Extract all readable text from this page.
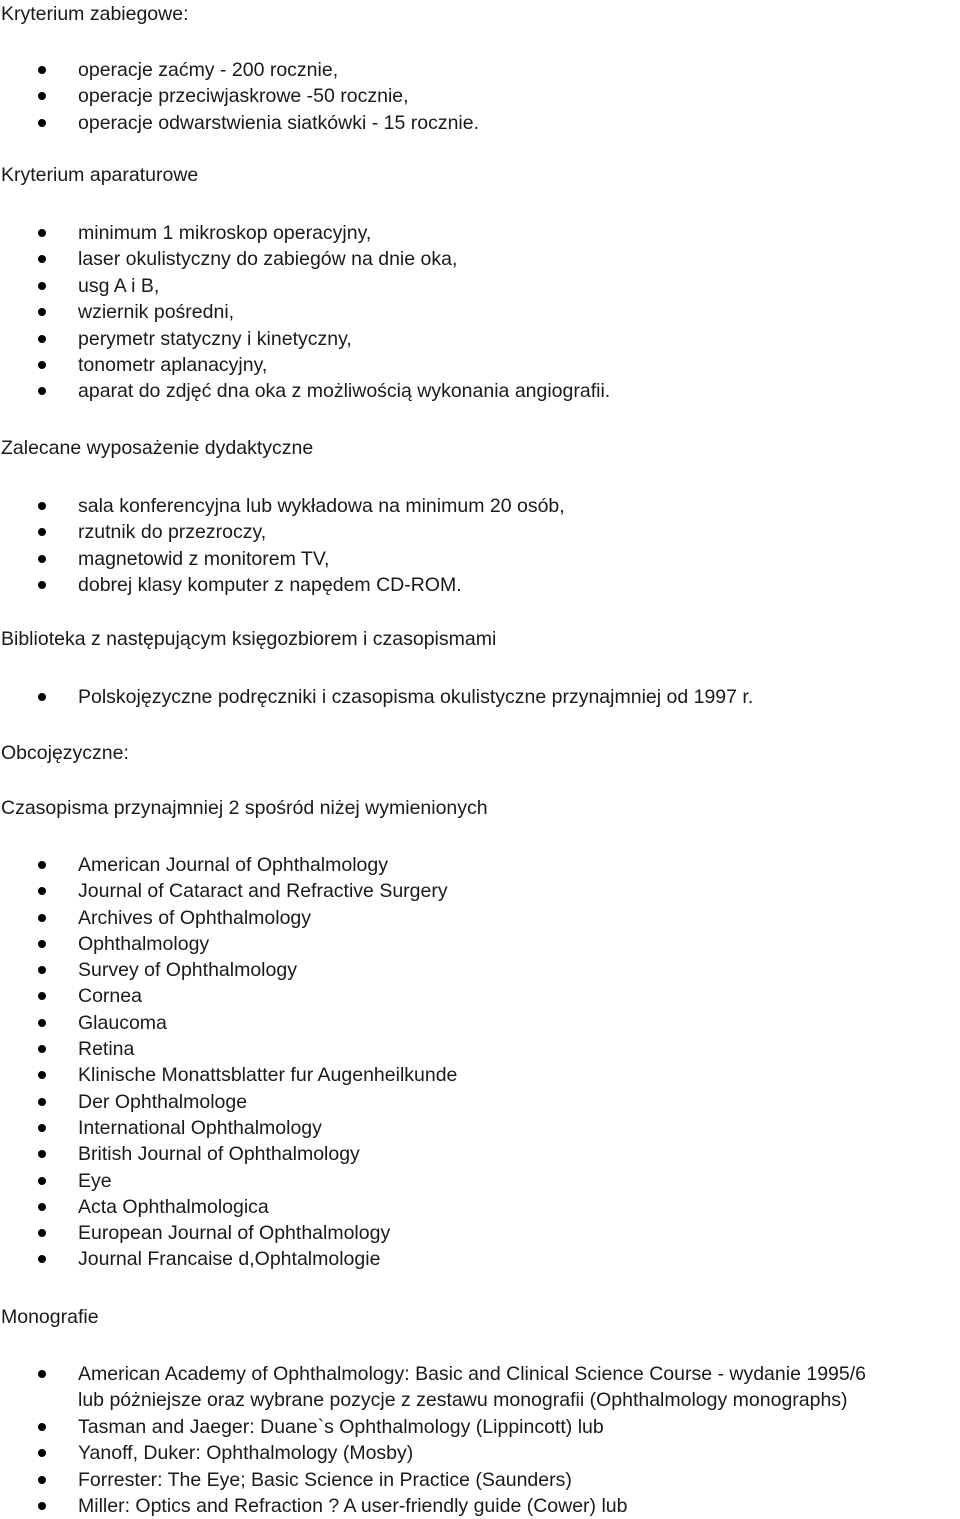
Kryterium zabiegowe:
operacje zaćmy - 200 rocznie,
operacje przeciwjaskrowe -50 rocznie,
operacje odwarstwienia siatkówki - 15 rocznie.
Kryterium aparaturowe
minimum 1 mikroskop operacyjny,
laser okulistyczny do zabiegów na dnie oka,
usg A i B,
wziernik pośredni,
perymetr statyczny i kinetyczny,
tonometr aplanacyjny,
aparat do zdjęć dna oka z możliwością wykonania angiografii.
Zalecane wyposażenie dydaktyczne
sala konferencyjna lub wykładowa na minimum 20 osób,
rzutnik do przezroczy,
magnetowid z monitorem TV,
dobrej klasy komputer z napędem CD-ROM.
Biblioteka z następującym księgozbiorem i czasopismami
Polskojęzyczne podręczniki i czasopisma okulistyczne przynajmniej od 1997 r.
Obcojęzyczne:
Czasopisma przynajmniej 2 spośród niżej wymienionych
American Journal of Ophthalmology
Journal of Cataract and Refractive Surgery
Archives of Ophthalmology
Ophthalmology
Survey of Ophthalmology
Cornea
Glaucoma
Retina
Klinische Monattsblatter fur Augenheilkunde
Der Ophthalmologe
International Ophthalmology
British Journal of Ophthalmology
Eye
Acta Ophthalmologica
European Journal of Ophthalmology
Journal Francaise d,Ophtalmologie
Monografie
American Academy of Ophthalmology: Basic and Clinical Science Course - wydanie 1995/6
lub póżniejsze oraz wybrane pozycje z zestawu monografii (Ophthalmology monographs)
Tasman and Jaeger: Duane`s Ophthalmology (Lippincott) lub
Yanoff, Duker: Ophthalmology (Mosby)
Forrester: The Eye; Basic Science in Practice (Saunders)
Miller: Optics and Refraction ? A user-friendly guide (Cower) lub
